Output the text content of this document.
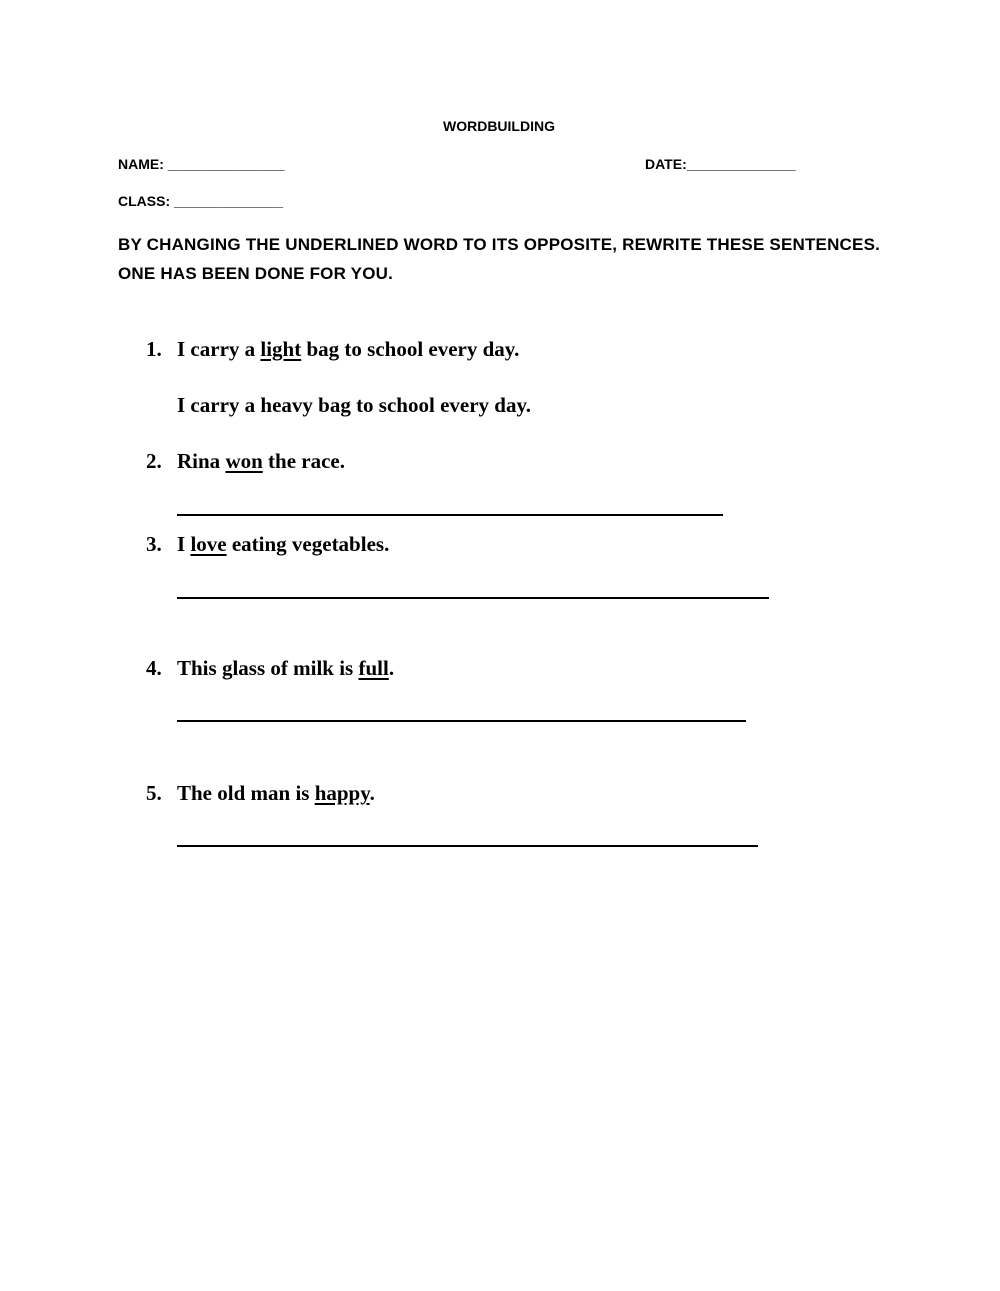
WORDBUILDING
NAME: _______________	DATE:______________
CLASS: ______________
BY CHANGING THE UNDERLINED WORD TO ITS OPPOSITE, REWRITE THESE SENTENCES. ONE HAS BEEN DONE FOR YOU.
1. I carry a light bag to school every day.
I carry a heavy bag to school every day.
2. Rina won the race.
3. I love eating vegetables.
4. This glass of milk is full.
5. The old man is happy.
